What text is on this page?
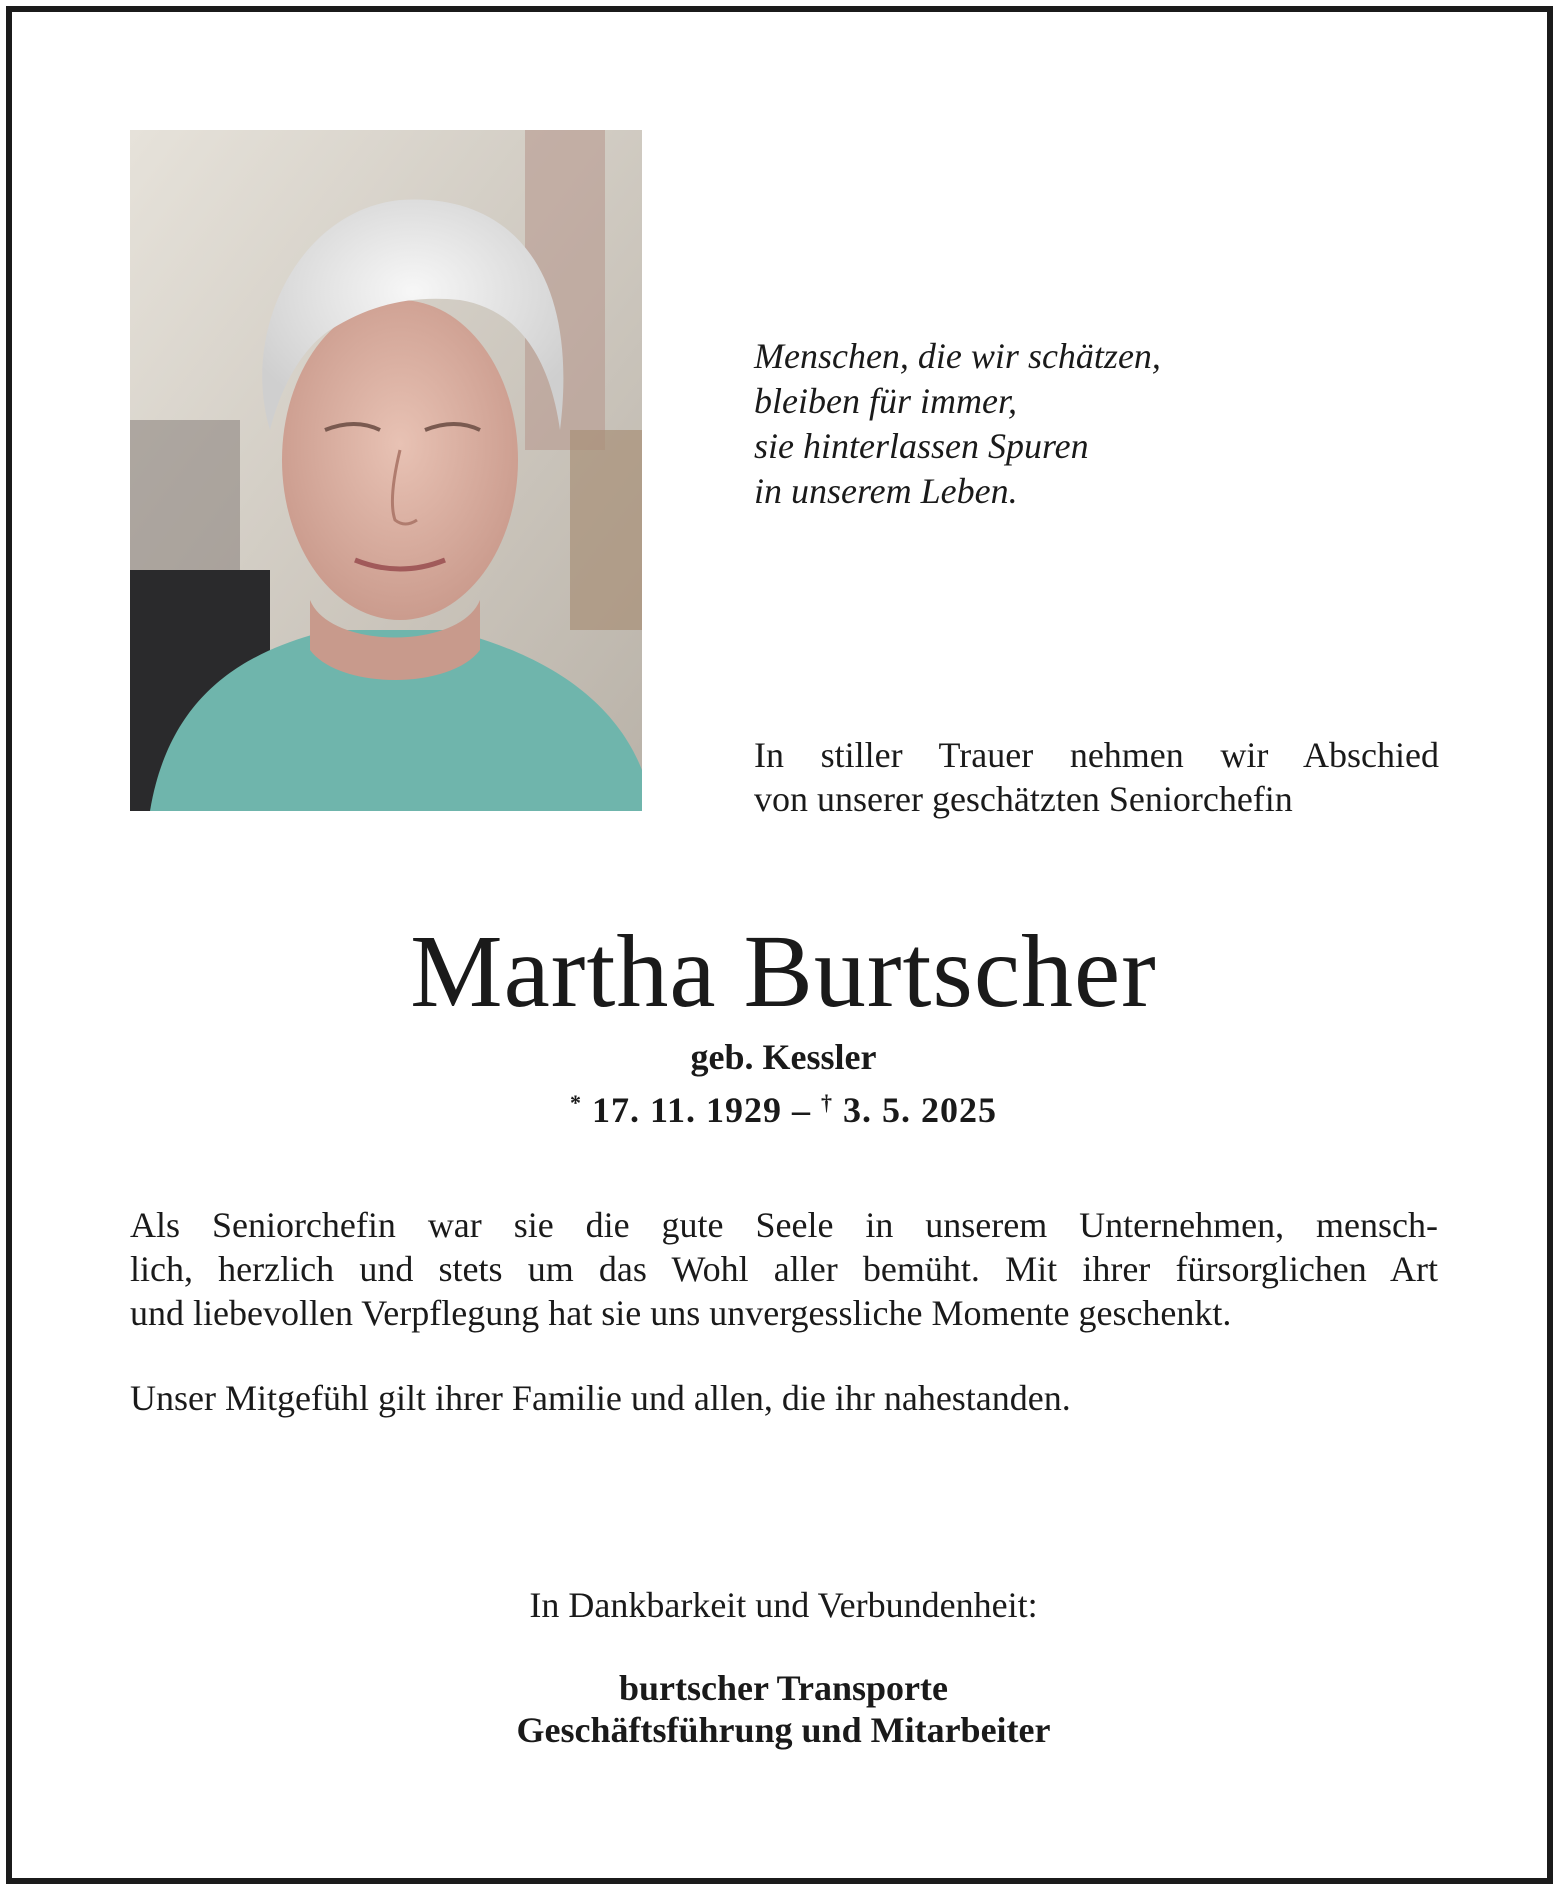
Menschen, die wir schätzen,
bleiben für immer,
sie hinterlassen Spuren
in unserem Leben.
In stiller Trauer nehmen wir Abschied
von unserer geschätzten Seniorchefin
Martha Burtscher

geb. Kessler

* 17. 11. 1929 – † 3. 5. 2025

Als Seniorchefin war sie die gute Seele in unserem Unternehmen, mensch-
lich, herzlich und stets um das Wohl aller bemüht. Mit ihrer fürsorglichen Art
und liebevollen Verpflegung hat sie uns unvergessliche Momente geschenkt.

Unser Mitgefühl gilt ihrer Familie und allen, die ihr nahestanden.

In Dankbarkeit und Verbundenheit:

burtscher Transporte
Geschäftsführung und Mitarbeiter
